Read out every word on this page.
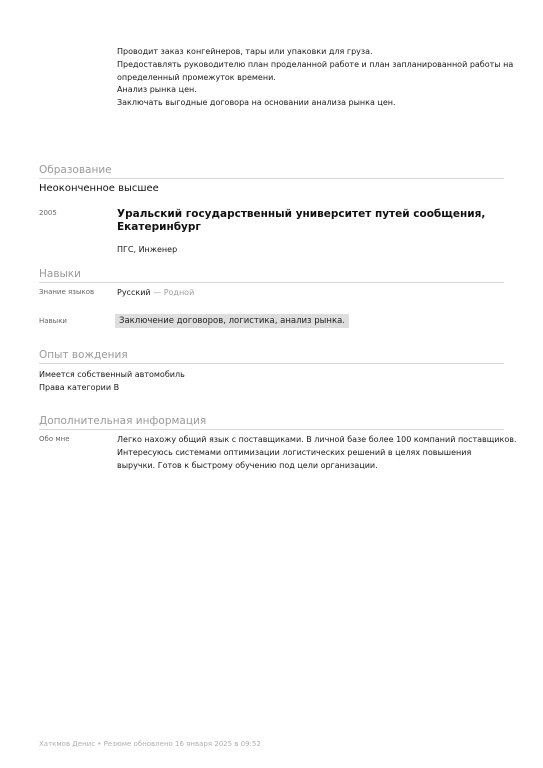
Проводит заказ конгейнеров, тары или упаковки для груза.
Предоставлять руководителю план проделанной работе и план запланированной работы на
определенный промежуток времени.
Анализ рынка цен.
Заключать выгодные договора на основании анализа рынка цен.
Образование
Неоконченное высшее
2005	Уральский государственный университет путей сообщения,
Екатеринбург
ПГС, Инженер
Навыки
Знание языков	Русский — Родной
Навыки	Заключение договоров, логистика, анализ рынка.
Опыт вождения
Имеется собственный автомобиль
Права категории B
Дополнительная информация
Обо мне	Легко нахожу общий язык с поставщиками. В личной базе более 100 компаний поставщиков.
Интересуюсь системами оптимизации логистических решений в целях повышения
выручки. Готов к быстрому обучению под цели организации.
Хаткмов Денис • Резюме обновлено 16 января 2025 в 09:52
